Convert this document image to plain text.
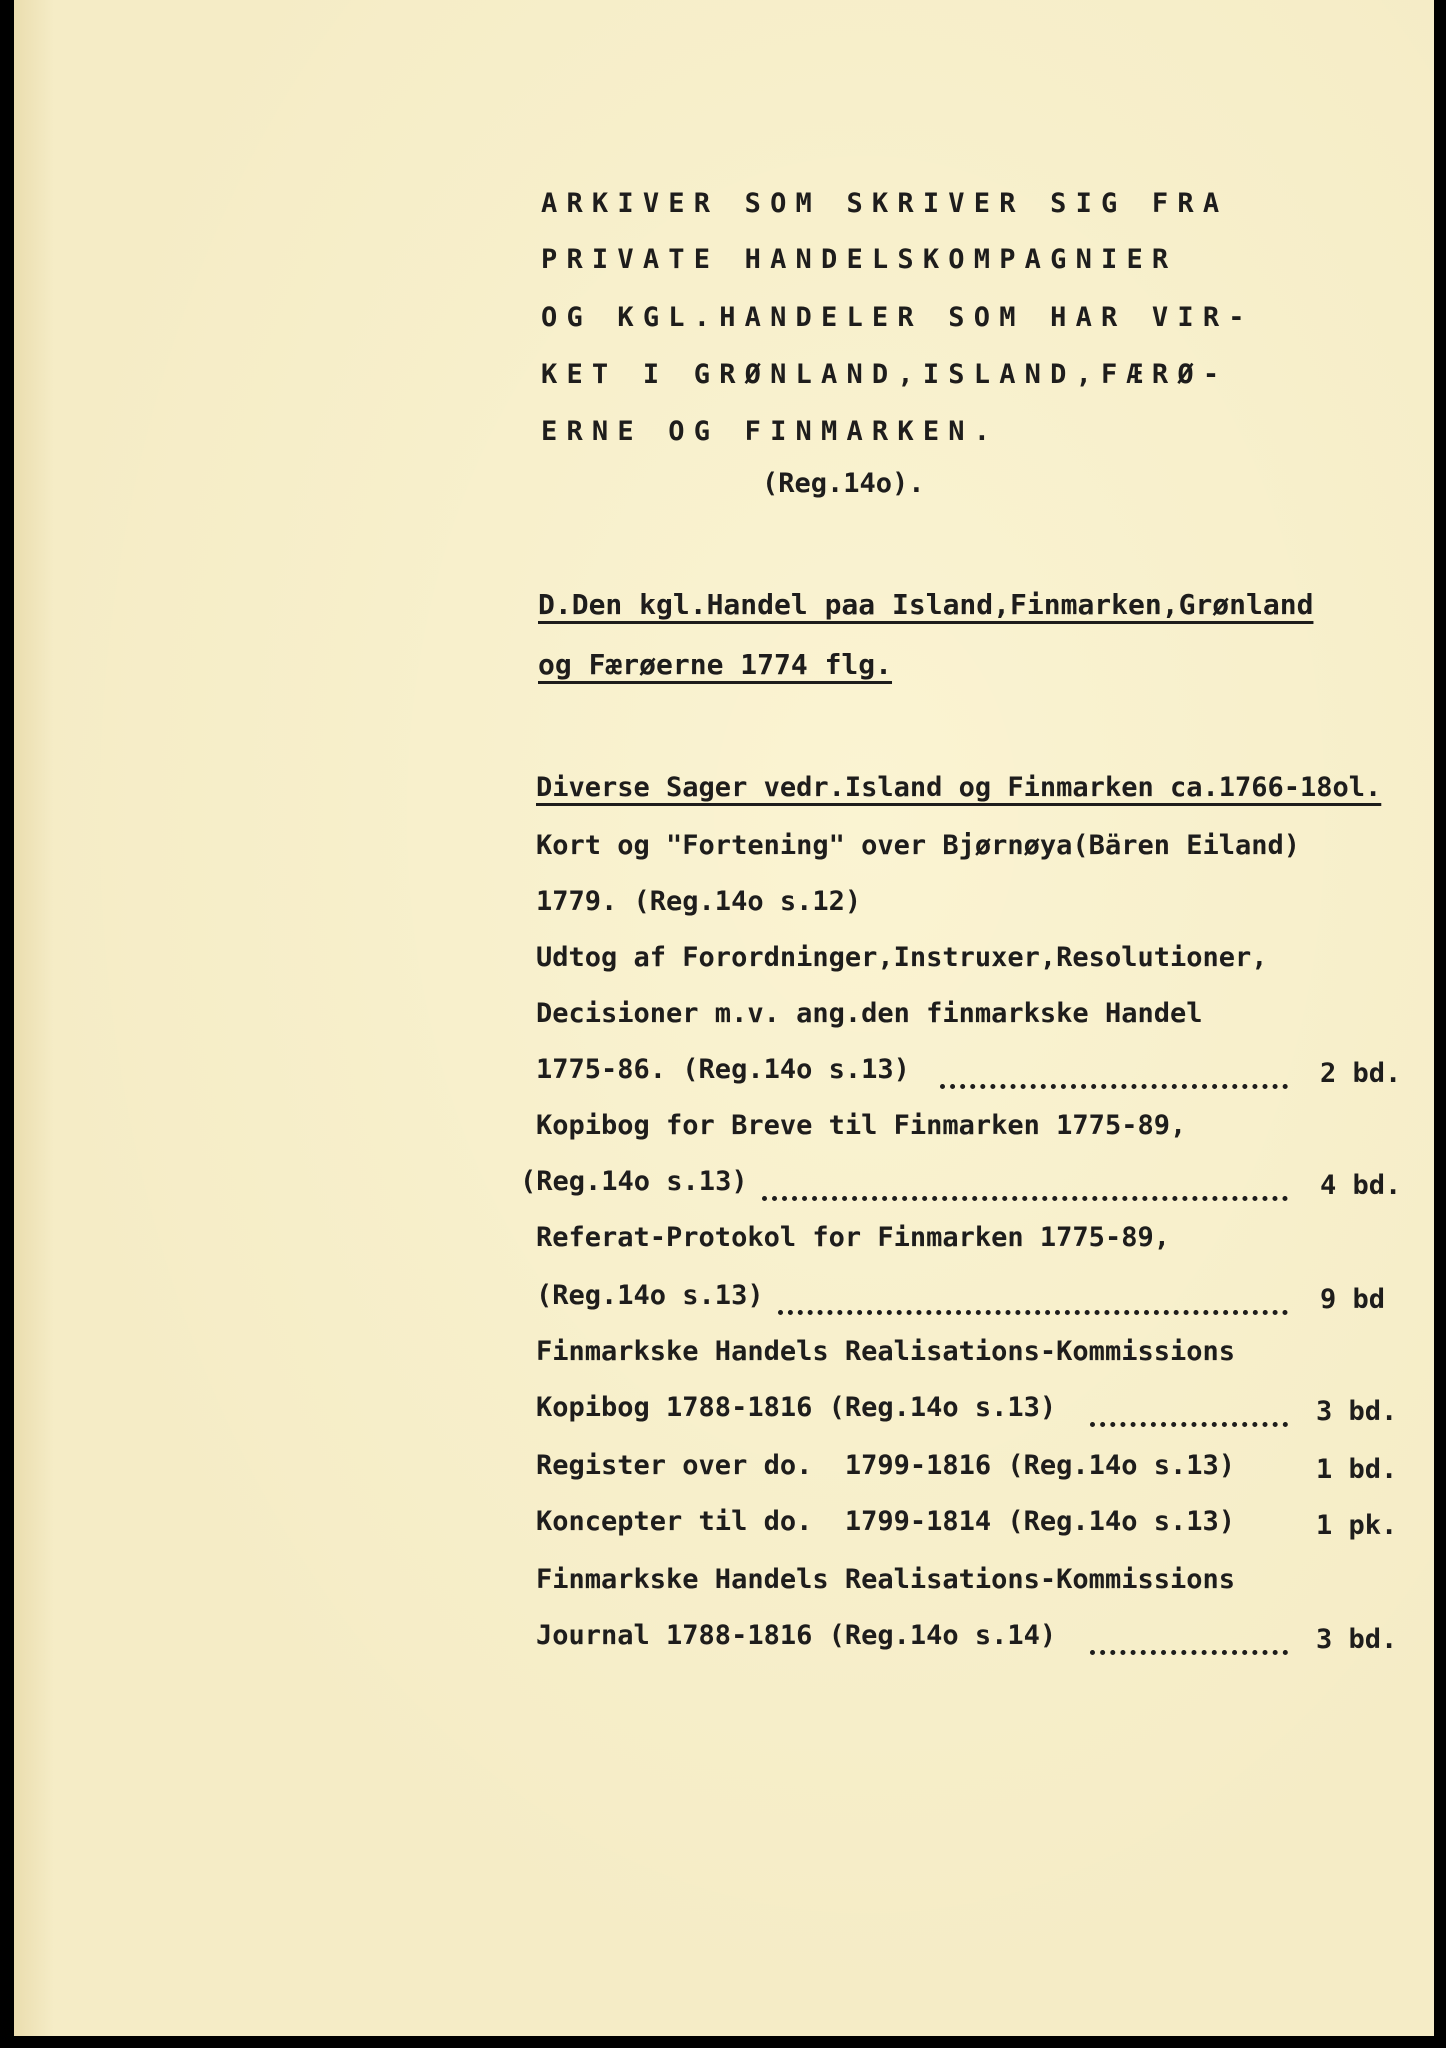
ARKIVER SOM SKRIVER SIG FRA
PRIVATE HANDELSKOMPAGNIER
OG KGL.HANDELER SOM HAR VIR-
KET I GRØNLAND,ISLAND,FÆRØ-
ERNE OG FINMARKEN.
(Reg.14o).
D.Den kgl.Handel paa Island,Finmarken,Grønland
og Færøerne 1774 flg.
Diverse Sager vedr.Island og Finmarken ca.1766-18ol.
Kort og "Fortening" over Bjørnøya(Bären Eiland)
1779. (Reg.14o s.12)
Udtog af Forordninger,Instruxer,Resolutioner,
Decisioner m.v. ang.den finmarkske Handel
1775-86. (Reg.14o s.13)	2 bd.
Kopibog for Breve til Finmarken 1775-89,
(Reg.14o s.13)	4 bd.
Referat-Protokol for Finmarken 1775-89,
(Reg.14o s.13)	9 bd
Finmarkske Handels Realisations-Kommissions
Kopibog 1788-1816 (Reg.14o s.13)	3 bd.
Register over do.  1799-1816 (Reg.14o s.13)	1 bd.
Koncepter til do.  1799-1814 (Reg.14o s.13)	1 pk.
Finmarkske Handels Realisations-Kommissions
Journal 1788-1816 (Reg.14o s.14)	3 bd.
